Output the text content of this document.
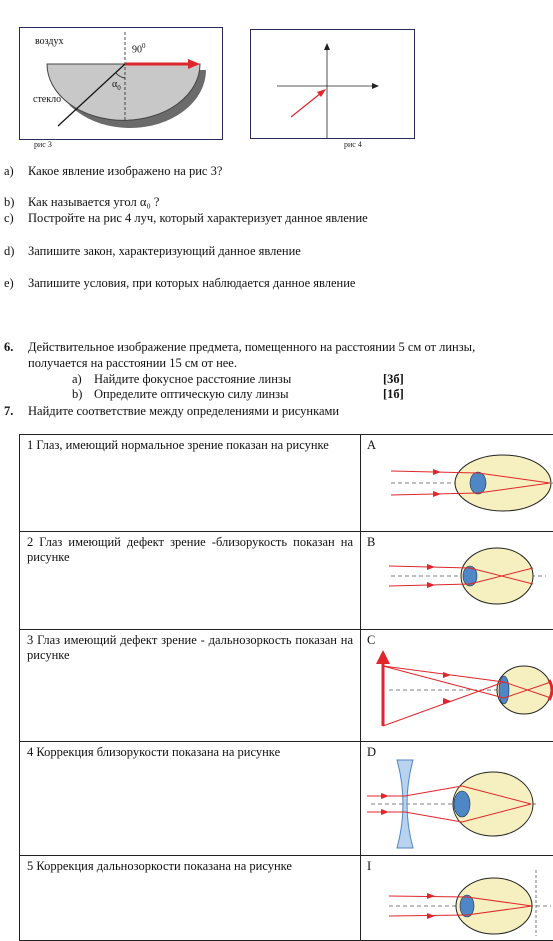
воздух
$90^0$
$\alpha_0$
стекло
рис 3	рис 4
a) Какое явление изображено на рис 3?
b) Как называется угол α₀ ?
c) Постройте на рис 4 луч, который характеризует данное явление
d) Запишите закон, характеризующий данное явление
e) Запишите условия, при которых наблюдается данное явление
6. Действительное изображение предмета, помещенного на расстоянии 5 см от линзы,
получается на расстоянии 15 см от нее.
a) Найдите фокусное расстояние линзы	[3б]
b) Определите оптическую силу линзы	[1б]
7. Найдите соответствие между определениями и рисунками
1 Глаз, имеющий нормальное зрение показан на рисунке	A

2 Глаз имеющий дефект зрение -близорукость показан на рисунке	B

3 Глаз имеющий дефект зрение - дальнозоркость показан на рисунке	C

4 Коррекция близорукости показана на рисунке	D

5 Коррекция дальнозоркости показана на рисунке	I
